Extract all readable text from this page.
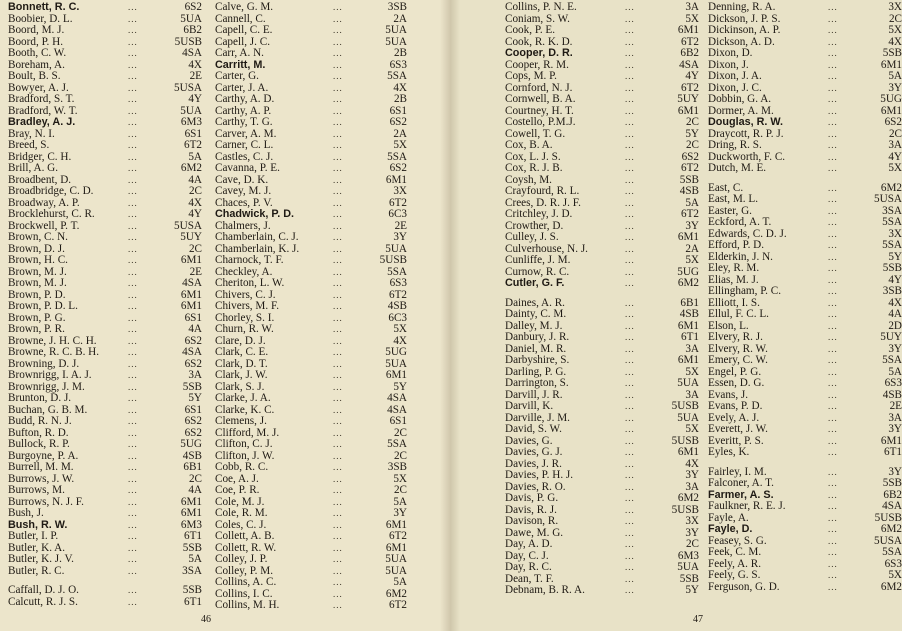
Bonnett, R. C.	...	6S2
Boobier, D. L.	...	5UA
Boord, M. J.	...	6B2
Boord, P. H.	...	5USB
Booth, C. W.	...	4SA
Boreham, A.	...	4X
Boult, B. S.	...	2E
Bowyer, A. J.	...	5USA
Bradford, S. T.	...	4Y
Bradford, W. T.	...	5UA
Bradley, A. J.	...	6M3
Bray, N. I.	...	6S1
Breed, S.	...	6T2
Bridger, C. H.	...	5A
Brill, A. G.	...	6M2
Broadbent, D.	...	4A
Broadbridge, C. D.	...	2C
Broadway, A. P.	...	4X
Brocklehurst, C. R.	...	4Y
Brockwell, P. T.	...	5USA
Brown, C. N.	...	5UY
Brown, D. J.	...	2C
Brown, H. C.	...	6M1
Brown, M. J.	...	2E
Brown, M. J.	...	4SA
Brown, P. D.	...	6M1
Brown, P. D. L.	...	6M1
Brown, P. G.	...	6S1
Brown, P. R.	...	4A
Browne, J. H. C. H.	...	6S2
Browne, R. C. B. H.	...	4SA
Browning, D. J.	...	6S2
Brownrigg, I. A. J.	...	3A
Brownrigg, J. M.	...	5SB
Brunton, D. J.	...	5Y
Buchan, G. B. M.	...	6S1
Budd, R. N. J.	...	6S2
Bufton, R. D.	...	6S2
Bullock, R. P.	...	5UG
Burgoyne, P. A.	...	4SB
Burrell, M. M.	...	6B1
Burrows, J. W.	...	2C
Burrows, M.	...	4A
Burrows, N. J. F.	...	6M1
Bush, J.	...	6M1
Bush, R. W.	...	6M3
Butler, I. P.	...	6T1
Butler, K. A.	...	5SB
Butler, K. J. V.	...	5A
Butler, R. C.	...	3SA
Caffall, D. J. O.	...	5SB
Calcutt, R. J. S.	...	6T1
Calve, G. M.	...	3SB
Cannell, C.	...	2A
Capell, C. E.	...	5UA
Capell, J. C.	...	5UA
Carr, A. N.	...	2B
Carritt, M.	...	6S3
Carter, G.	...	5SA
Carter, J. A.	...	4X
Carthy, A. D.	...	2B
Carthy, A. P.	...	6S1
Carthy, T. G.	...	6S2
Carver, A. M.	...	2A
Carner, C. L.	...	5X
Castles, C. J.	...	5SA
Cavanna, P. E.	...	6S2
Cave, D. K.	...	6M1
Cavey, M. J.	...	3X
Chaces, P. V.	...	6T2
Chadwick, P. D.	...	6C3
Chalmers, J.	...	2E
Chamberlain, C. J.	...	3Y
Chamberlain, K. J.	...	5UA
Charnock, T. F.	...	5USB
Checkley, A.	...	5SA
Cheriton, L. W.	...	6S3
Chivers, C. J.	...	6T2
Chivers, M. F.	...	4SB
Chorley, S. I.	...	6C3
Churn, R. W.	...	5X
Clare, D. J.	...	4X
Clark, C. E.	...	5UG
Clark, D. T.	...	5UA
Clark, J. W.	...	6M1
Clark, S. J.	...	5Y
Clarke, J. A.	...	4SA
Clarke, K. C.	...	4SA
Clemens, J.	...	6S1
Clifford, M. J.	...	2C
Clifton, C. J.	...	5SA
Clifton, J. W.	...	2C
Cobb, R. C.	...	3SB
Coe, A. J.	...	5X
Coe, P. R.	...	2C
Cole, M. J.	...	5A
Cole, R. M.	...	3Y
Coles, C. J.	...	6M1
Collett, A. B.	...	6T2
Collett, R. W.	...	6M1
Colley, J. P.	...	5UA
Colley, P. M.	...	5UA
Collins, A. C.	...	5A
Collins, I. C.	...	6M2
Collins, M. H.	...	6T2
46
Collins, P. N. E.	...	3A
Coniam, S. W.	...	5X
Cook, P. E.	...	6M1
Cook, R. K. D.	...	6T2
Cooper, D. R.	...	6B2
Cooper, R. M.	...	4SA
Cops, M. P.	...	4Y
Cornford, N. J.	...	6T2
Cornwell, B. A.	...	5UY
Courtney, H. T.	...	6M1
Costello, P.M.J.	...	2C
Cowell, T. G.	...	5Y
Cox, B. A.	...	2C
Cox, L. J. S.	...	6S2
Cox, R. J. B.	...	6T2
Coysh, M.	...	5SB
Crayfourd, R. L.	...	4SB
Crees, D. R. J. F.	...	5A
Critchley, J. D.	...	6T2
Crowther, D.	...	3Y
Culley, J. S.	...	6M1
Culverhouse, N. J.	...	2A
Cunliffe, J. M.	...	5X
Curnow, R. C.	...	5UG
Cutler, G. F.	...	6M2
Daines, A. R.	...	6B1
Dainty, C. M.	...	4SB
Dalley, M. J.	...	6M1
Danbury, J. R.	...	6T1
Daniel, M. R.	...	3A
Darbyshire, S.	...	6M1
Darling, P. G.	...	5X
Darrington, S.	...	5UA
Darvill, J. R.	...	3A
Darvill, K.	...	5USB
Darville, J. M.	...	5UA
David, S. W.	...	5X
Davies, G.	...	5USB
Davies, G. J.	...	6M1
Davies, J. R.	...	4X
Davies, P. H. J.	...	3Y
Davies, R. O.	...	3A
Davis, P. G.	...	6M2
Davis, R. J.	...	5USB
Davison, R.	...	3X
Dawe, M. G.	...	3Y
Day, A. D.	...	2C
Day, C. J.	...	6M3
Day, R. C.	...	5UA
Dean, T. F.	...	5SB
Debnam, B. R. A.	...	5Y
Denning, R. A.	...	3X
Dickson, J. P. S.	...	2C
Dickinson, A. P.	...	5X
Dickson, A. D.	...	4X
Dixon, D.	...	5SB
Dixon, J.	...	6M1
Dixon, J. A.	...	5A
Dixon, J. C.	...	3Y
Dobbin, G. A.	...	5UG
Dormer, A. M.	...	6M1
Douglas, R. W.	...	6S2
Draycott, R. P. J.	...	2C
Dring, R. S.	...	3A
Duckworth, F. C.	...	4Y
Dutch, M. E.	...	5X
East, C.	...	6M2
East, M. L.	...	5USA
Easter, G.	...	3SA
Eckford, A. T.	...	5SA
Edwards, C. D. J.	...	3X
Efford, P. D.	...	5SA
Elderkin, J. N.	...	5Y
Eley, R. M.	...	5SB
Elias, M. J.	...	4Y
Ellingham, P. C.	...	3SB
Elliott, I. S.	...	4X
Ellul, F. C. L.	...	4A
Elson, L.	...	2D
Elvery, R. J.	...	5UY
Elvery, R. W.	...	3Y
Emery, C. W.	...	5SA
Engel, P. G.	...	5A
Essen, D. G.	...	6S3
Evans, J.	...	4SB
Evans, P. D.	...	2E
Evely, A. J.	...	3A
Everett, J. W.	...	3Y
Everitt, P. S.	...	6M1
Eyles, K.	...	6T1
Fairley, I. M.	...	3Y
Falconer, A. T.	...	5SB
Farmer, A. S.	...	6B2
Faulkner, R. E. J.	...	4SA
Fayle, A.	...	5USB
Fayle, D.	...	6M2
Feasey, S. G.	...	5USA
Feek, C. M.	...	5SA
Feely, A. R.	...	6S3
Feely, G. S.	...	5X
Ferguson, G. D.	...	6M2
47
